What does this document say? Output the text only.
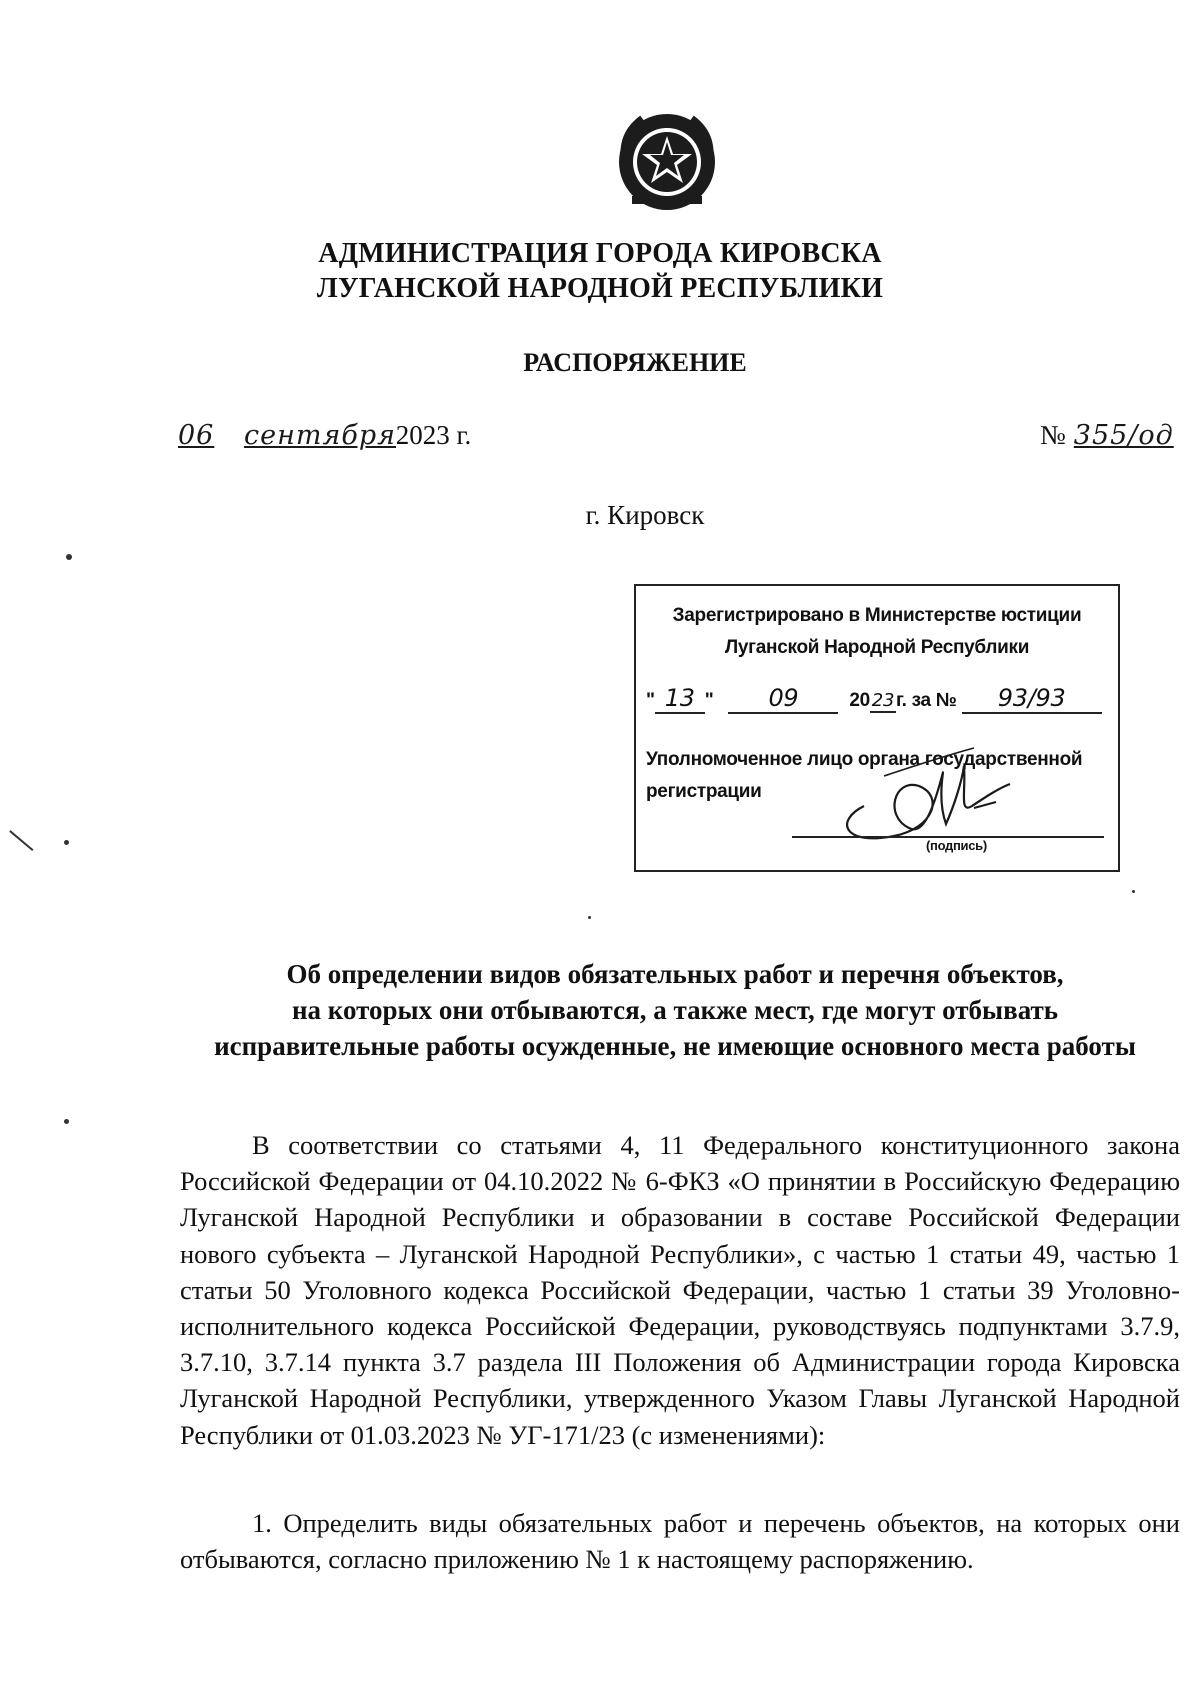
АДМИНИСТРАЦИЯ ГОРОДА КИРОВСКА
ЛУГАНСКОЙ НАРОДНОЙ РЕСПУБЛИКИ
РАСПОРЯЖЕНИЕ
06 сентября 2023 г.	№ 355/од
г. Кировск
Зарегистрировано в Министерстве юстиции
Луганской Народной Республики
" 13 " 09	20 23г. за № 93/93
Уполномоченное лицо органа государственной
регистрации
(подпись)
Об определении видов обязательных работ и перечня объектов,
на которых они отбываются, а также мест, где могут отбывать
исправительные работы осужденные, не имеющие основного места работы

В соответствии со статьями 4, 11 Федерального конституционного закона Российской Федерации от 04.10.2022 № 6-ФКЗ «О принятии в Российскую Федерацию Луганской Народной Республики и образовании в составе Российской Федерации нового субъекта – Луганской Народной Республики», с частью 1 статьи 49, частью 1 статьи 50 Уголовного кодекса Российской Федерации, частью 1 статьи 39 Уголовно-исполнительного кодекса Российской Федерации, руководствуясь подпунктами 3.7.9, 3.7.10, 3.7.14 пункта 3.7 раздела III Положения об Администрации города Кировска Луганской Народной Республики, утвержденного Указом Главы Луганской Народной Республики от 01.03.2023 № УГ-171/23 (с изменениями):

1. Определить виды обязательных работ и перечень объектов, на которых они отбываются, согласно приложению № 1 к настоящему распоряжению.
